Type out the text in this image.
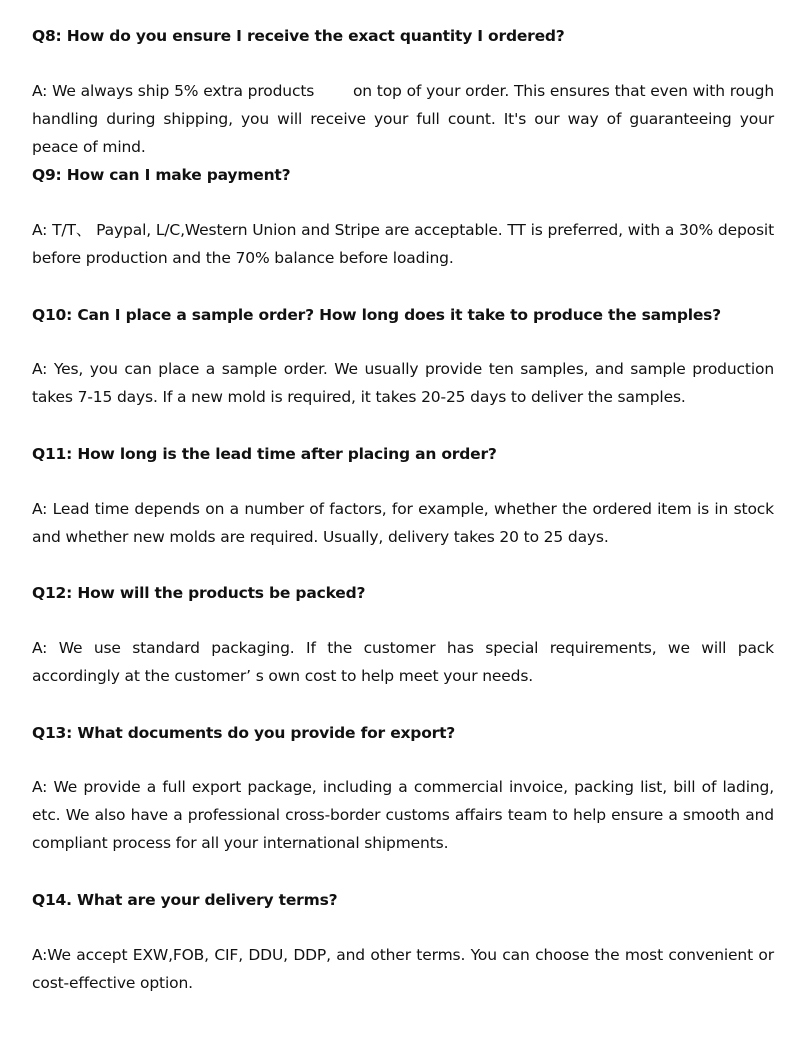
Q8: How do you ensure I receive the exact quantity I ordered?

A: We always ship 5% extra products        on top of your order. This ensures that even with rough handling during shipping, you will receive your full count. It's our way of guaranteeing your peace of mind.

Q9: How can I make payment?

A: T/T、 Paypal, L/C,Western Union and Stripe are acceptable. TT is preferred, with a 30% deposit before production and the 70% balance before loading.

Q10: Can I place a sample order? How long does it take to produce the samples?

A: Yes, you can place a sample order. We usually provide ten samples, and sample production takes 7-15 days. If a new mold is required, it takes 20-25 days to deliver the samples.

Q11: How long is the lead time after placing an order?

A: Lead time depends on a number of factors, for example, whether the ordered item is in stock and whether new molds are required. Usually, delivery takes 20 to 25 days.

Q12: How will the products be packed?

A: We use standard packaging. If the customer has special requirements, we will pack accordingly at the customer’ s own cost to help meet your needs.

Q13: What documents do you provide for export?

A: We provide a full export package, including a commercial invoice, packing list, bill of lading, etc. We also have a professional cross-border customs affairs team to help ensure a smooth and compliant process for all your international shipments.

Q14. What are your delivery terms?

A:We accept EXW,FOB, CIF, DDU, DDP, and other terms. You can choose the most convenient or cost-effective option.
